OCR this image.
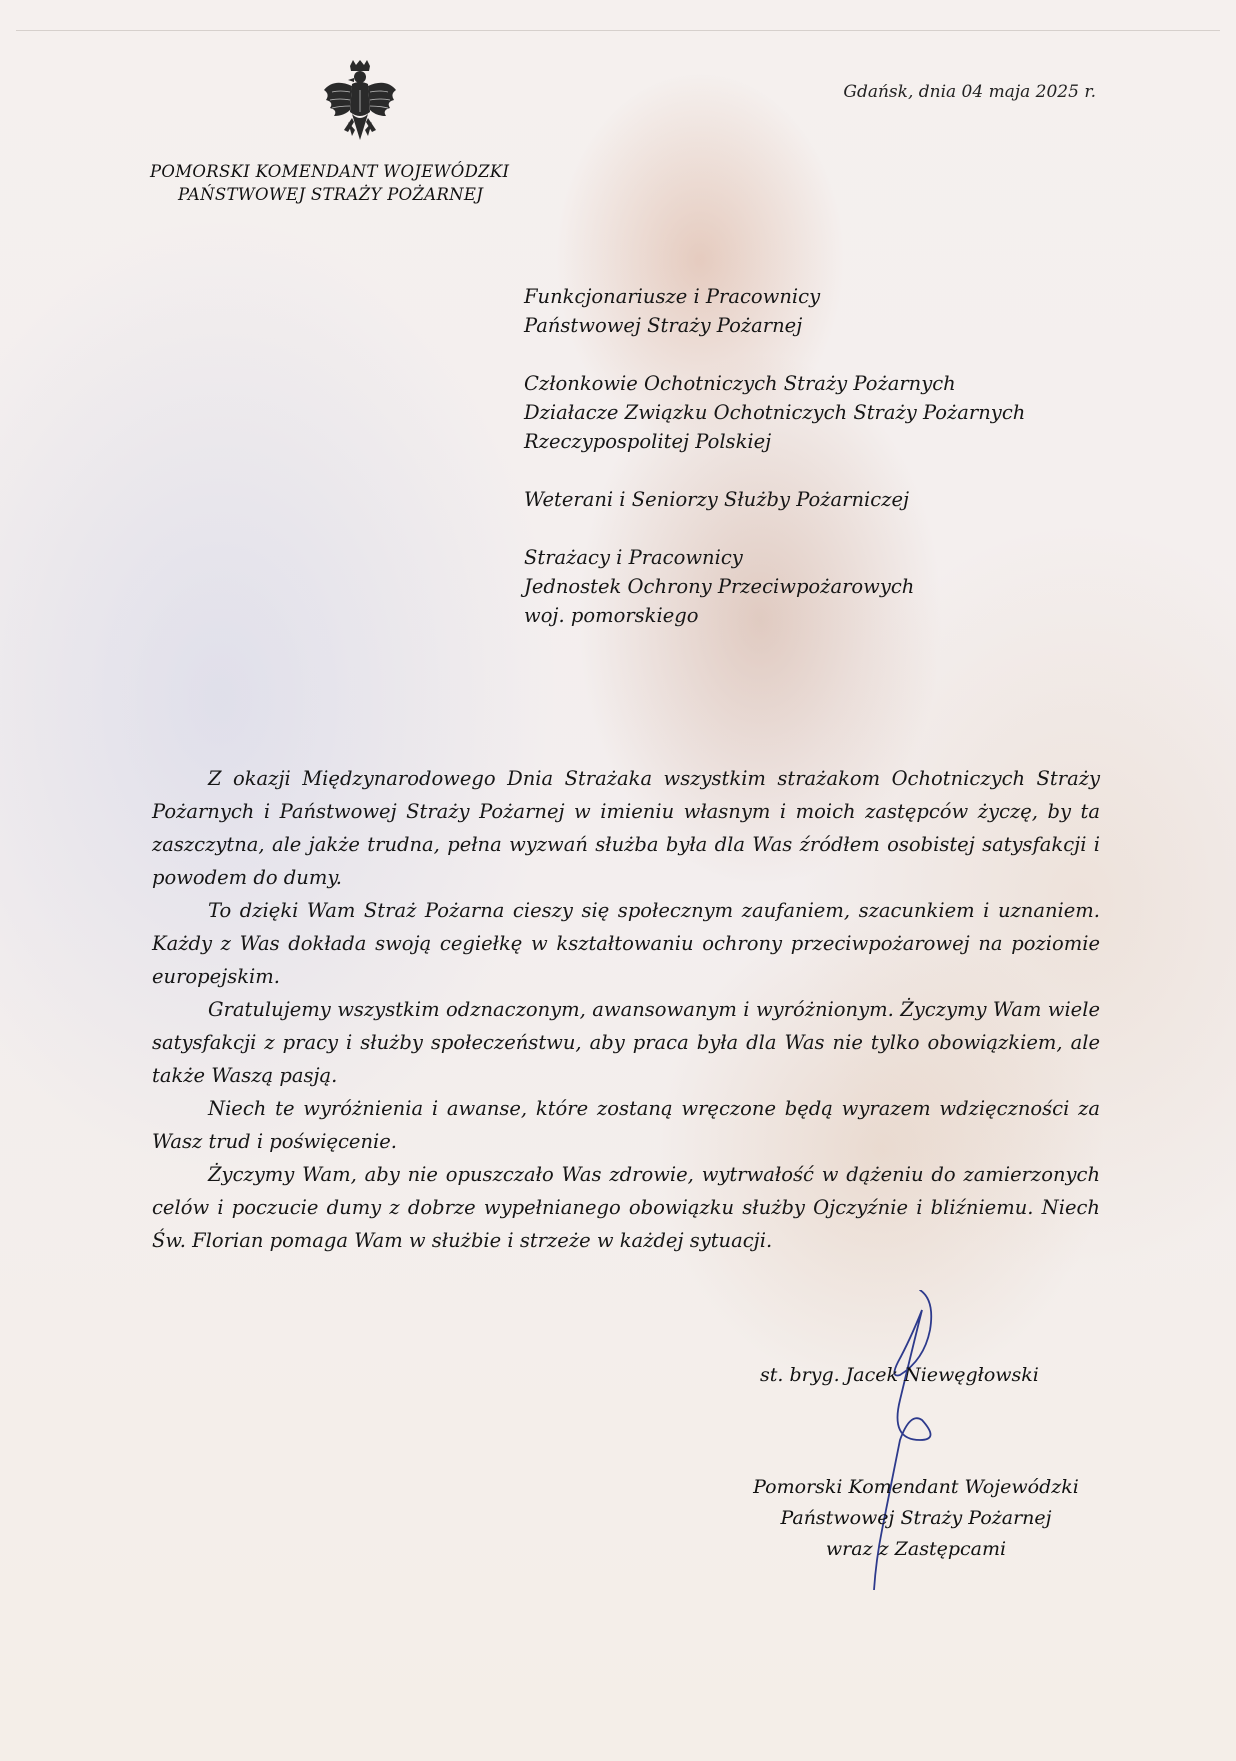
Gdańsk, dnia 04 maja 2025 r.
POMORSKI KOMENDANT WOJEWÓDZKI
PAŃSTWOWEJ STRAŻY POŻARNEJ
Funkcjonariusze i Pracownicy
Państwowej Straży Pożarnej
Członkowie Ochotniczych Straży Pożarnych
Działacze Związku Ochotniczych Straży Pożarnych
Rzeczypospolitej Polskiej
Weterani i Seniorzy Służby Pożarniczej
Strażacy i Pracownicy
Jednostek Ochrony Przeciwpożarowych
woj. pomorskiego

Z okazji Międzynarodowego Dnia Strażaka wszystkim strażakom Ochotniczych Straży Pożarnych i Państwowej Straży Pożarnej w imieniu własnym i moich zastępców życzę, by ta zaszczytna, ale jakże trudna, pełna wyzwań służba była dla Was źródłem osobistej satysfakcji i powodem do dumy.

To dzięki Wam Straż Pożarna cieszy się społecznym zaufaniem, szacunkiem i uznaniem. Każdy z Was dokłada swoją cegiełkę w kształtowaniu ochrony przeciwpożarowej na poziomie europejskim.

Gratulujemy wszystkim odznaczonym, awansowanym i wyróżnionym. Życzymy Wam wiele satysfakcji z pracy i służby społeczeństwu, aby praca była dla Was nie tylko obowiązkiem, ale także Waszą pasją.

Niech te wyróżnienia i awanse, które zostaną wręczone będą wyrazem wdzięczności za Wasz trud i poświęcenie.

Życzymy Wam, aby nie opuszczało Was zdrowie, wytrwałość w dążeniu do zamierzonych celów i poczucie dumy z dobrze wypełnianego obowiązku służby Ojczyźnie i bliźniemu. Niech Św. Florian pomaga Wam w służbie i strzeże w każdej sytuacji.

st. bryg. Jacek Niewęgłowski
Pomorski Komendant Wojewódzki
Państwowej Straży Pożarnej
wraz z Zastępcami
